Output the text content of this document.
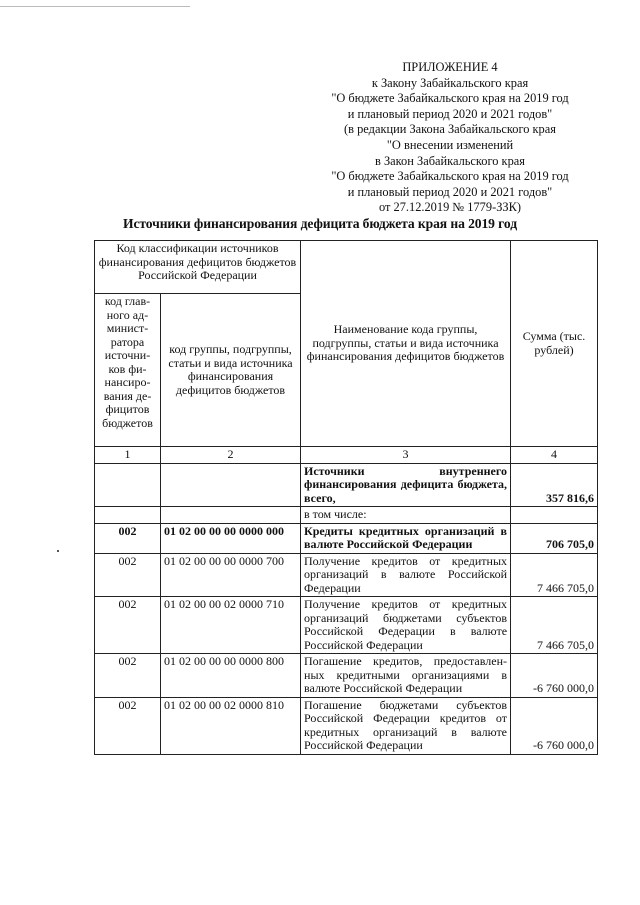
ПРИЛОЖЕНИЕ 4
к Закону Забайкальского края
"О бюджете Забайкальского края на 2019 год
и плановый период 2020 и 2021 годов"
(в редакции Закона Забайкальского края
"О внесении изменений
в Закон Забайкальского края
"О бюджете Забайкальского края на 2019 год
и плановый период 2020 и 2021 годов"
от 27.12.2019 № 1779-ЗЗК)
Источники финансирования дефицита бюджета края на 2019 год
Код классификации источников финансирования дефицитов бюджетов Российской Федерации		Наименование кода группы, подгруппы, статьи и вида источника финансирования дефицитов бюджетов	Сумма (тыс. рублей)
код глав-ного ад-минист-ратора источни-ков фи-нансиро-вания де-фицитов бюджетов	код группы, подгруппы, статьи и вида источника финансирования дефицитов бюджетов		
1	2	3	4
		Источники внутреннего финансирования дефицита бюджета, всего,	357 816,6
		в том числе:	
002	01 02 00 00 00 0000 000	Кредиты кредитных организаций в валюте Российской Федерации	706 705,0
002	01 02 00 00 00 0000 700	Получение кредитов от кредитных организаций в валюте Российской Федерации	7 466 705,0
002	01 02 00 00 02 0000 710	Получение кредитов от кредитных организаций бюджетами субъектов Российской Федерации в валюте Российской Федерации	7 466 705,0
002	01 02 00 00 00 0000 800	Погашение кредитов, предоставлен-ных кредитными организациями в валюте Российской Федерации	-6 760 000,0
002	01 02 00 00 02 0000 810	Погашение бюджетами субъектов Российской Федерации кредитов от кредитных организаций в валюте Российской Федерации	-6 760 000,0
